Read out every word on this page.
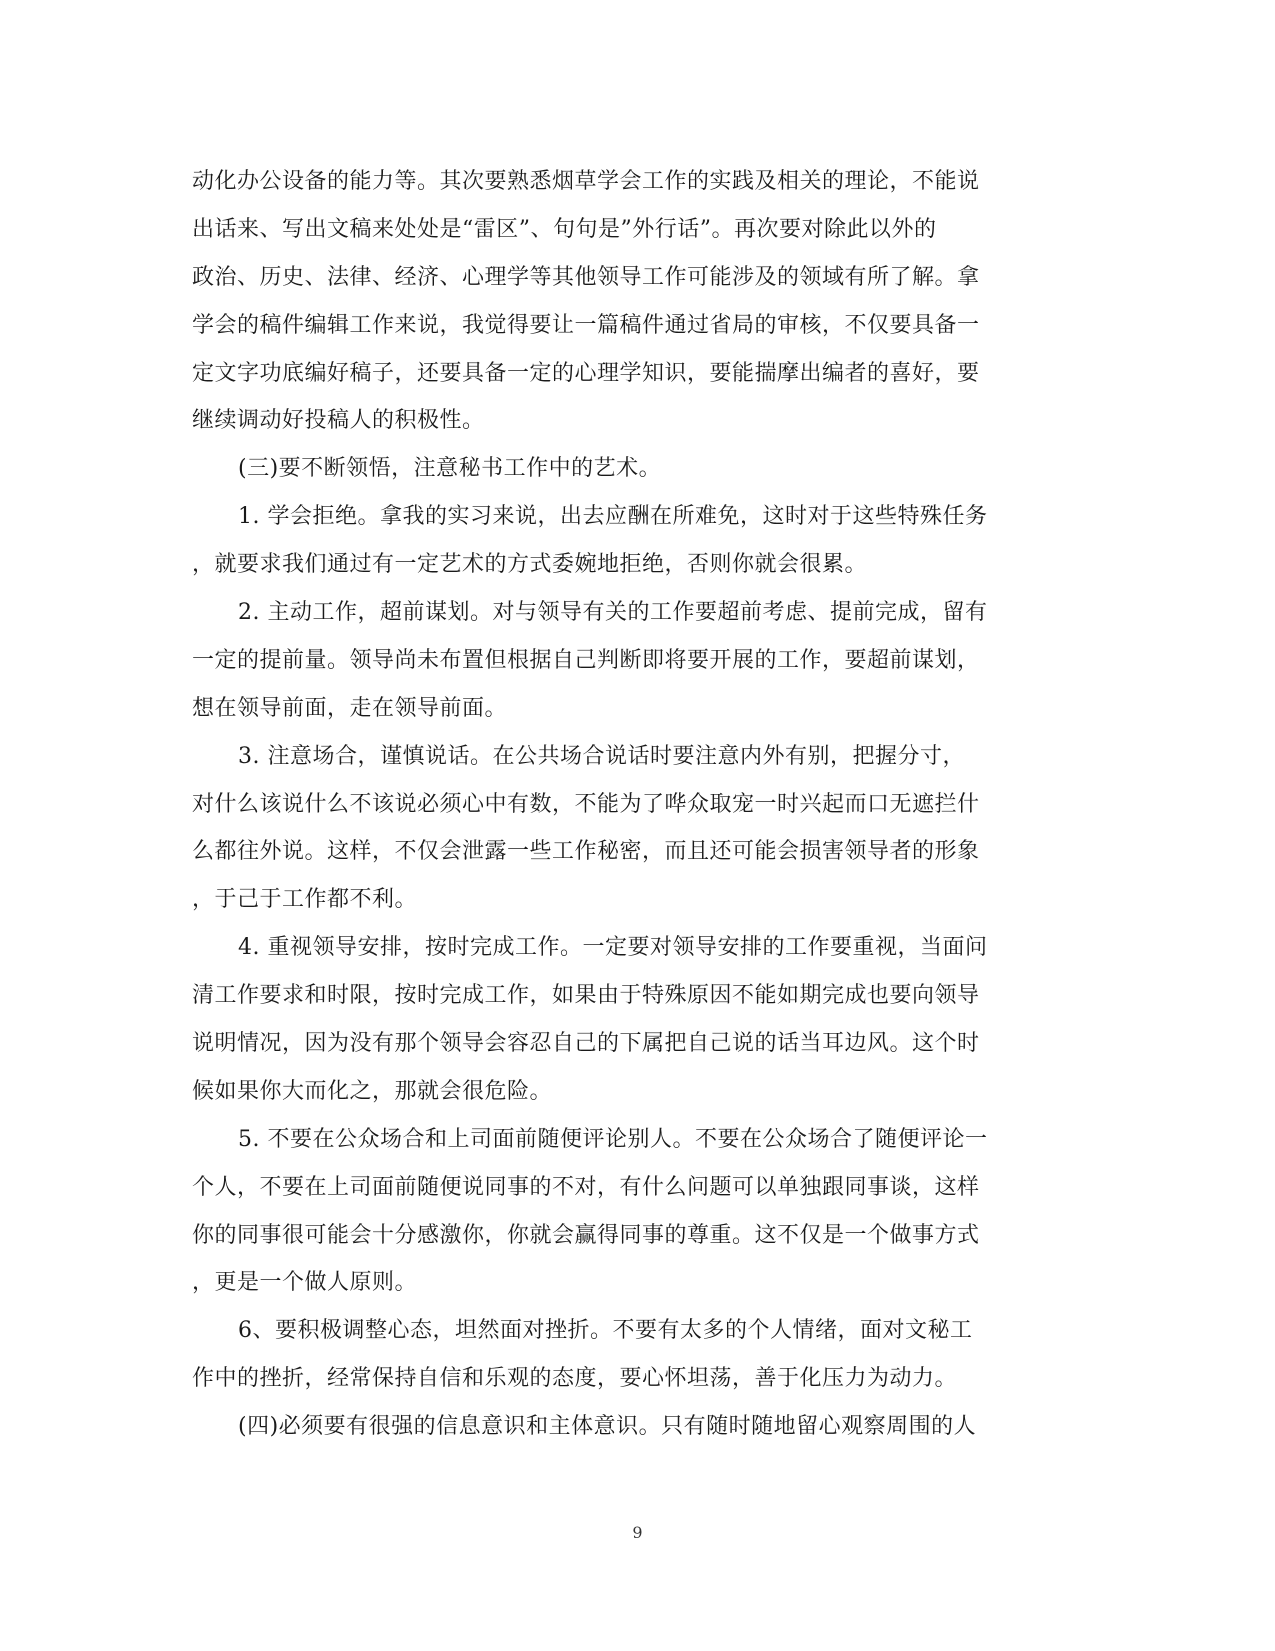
动化办公设备的能力等。其次要熟悉烟草学会工作的实践及相关的理论，不能说
出话来、写出文稿来处处是“雷区”、句句是”外行话”。再次要对除此以外的
政治、历史、法律、经济、心理学等其他领导工作可能涉及的领域有所了解。拿
学会的稿件编辑工作来说，我觉得要让一篇稿件通过省局的审核，不仅要具备一
定文字功底编好稿子，还要具备一定的心理学知识，要能揣摩出编者的喜好，要
继续调动好投稿人的积极性。
(三)要不断领悟，注意秘书工作中的艺术。
1. 学会拒绝。拿我的实习来说，出去应酬在所难免，这时对于这些特殊任务
，就要求我们通过有一定艺术的方式委婉地拒绝，否则你就会很累。
2. 主动工作，超前谋划。对与领导有关的工作要超前考虑、提前完成，留有
一定的提前量。领导尚未布置但根据自己判断即将要开展的工作，要超前谋划，
想在领导前面，走在领导前面。
3. 注意场合，谨慎说话。在公共场合说话时要注意内外有别，把握分寸，
对什么该说什么不该说必须心中有数，不能为了哗众取宠一时兴起而口无遮拦什
么都往外说。这样，不仅会泄露一些工作秘密，而且还可能会损害领导者的形象
，于己于工作都不利。
4. 重视领导安排，按时完成工作。一定要对领导安排的工作要重视，当面问
清工作要求和时限，按时完成工作，如果由于特殊原因不能如期完成也要向领导
说明情况，因为没有那个领导会容忍自己的下属把自己说的话当耳边风。这个时
候如果你大而化之，那就会很危险。
5. 不要在公众场合和上司面前随便评论别人。不要在公众场合了随便评论一
个人，不要在上司面前随便说同事的不对，有什么问题可以单独跟同事谈，这样
你的同事很可能会十分感激你，你就会赢得同事的尊重。这不仅是一个做事方式
，更是一个做人原则。
6、要积极调整心态，坦然面对挫折。不要有太多的个人情绪，面对文秘工
作中的挫折，经常保持自信和乐观的态度，要心怀坦荡，善于化压力为动力。
(四)必须要有很强的信息意识和主体意识。只有随时随地留心观察周围的人
9
